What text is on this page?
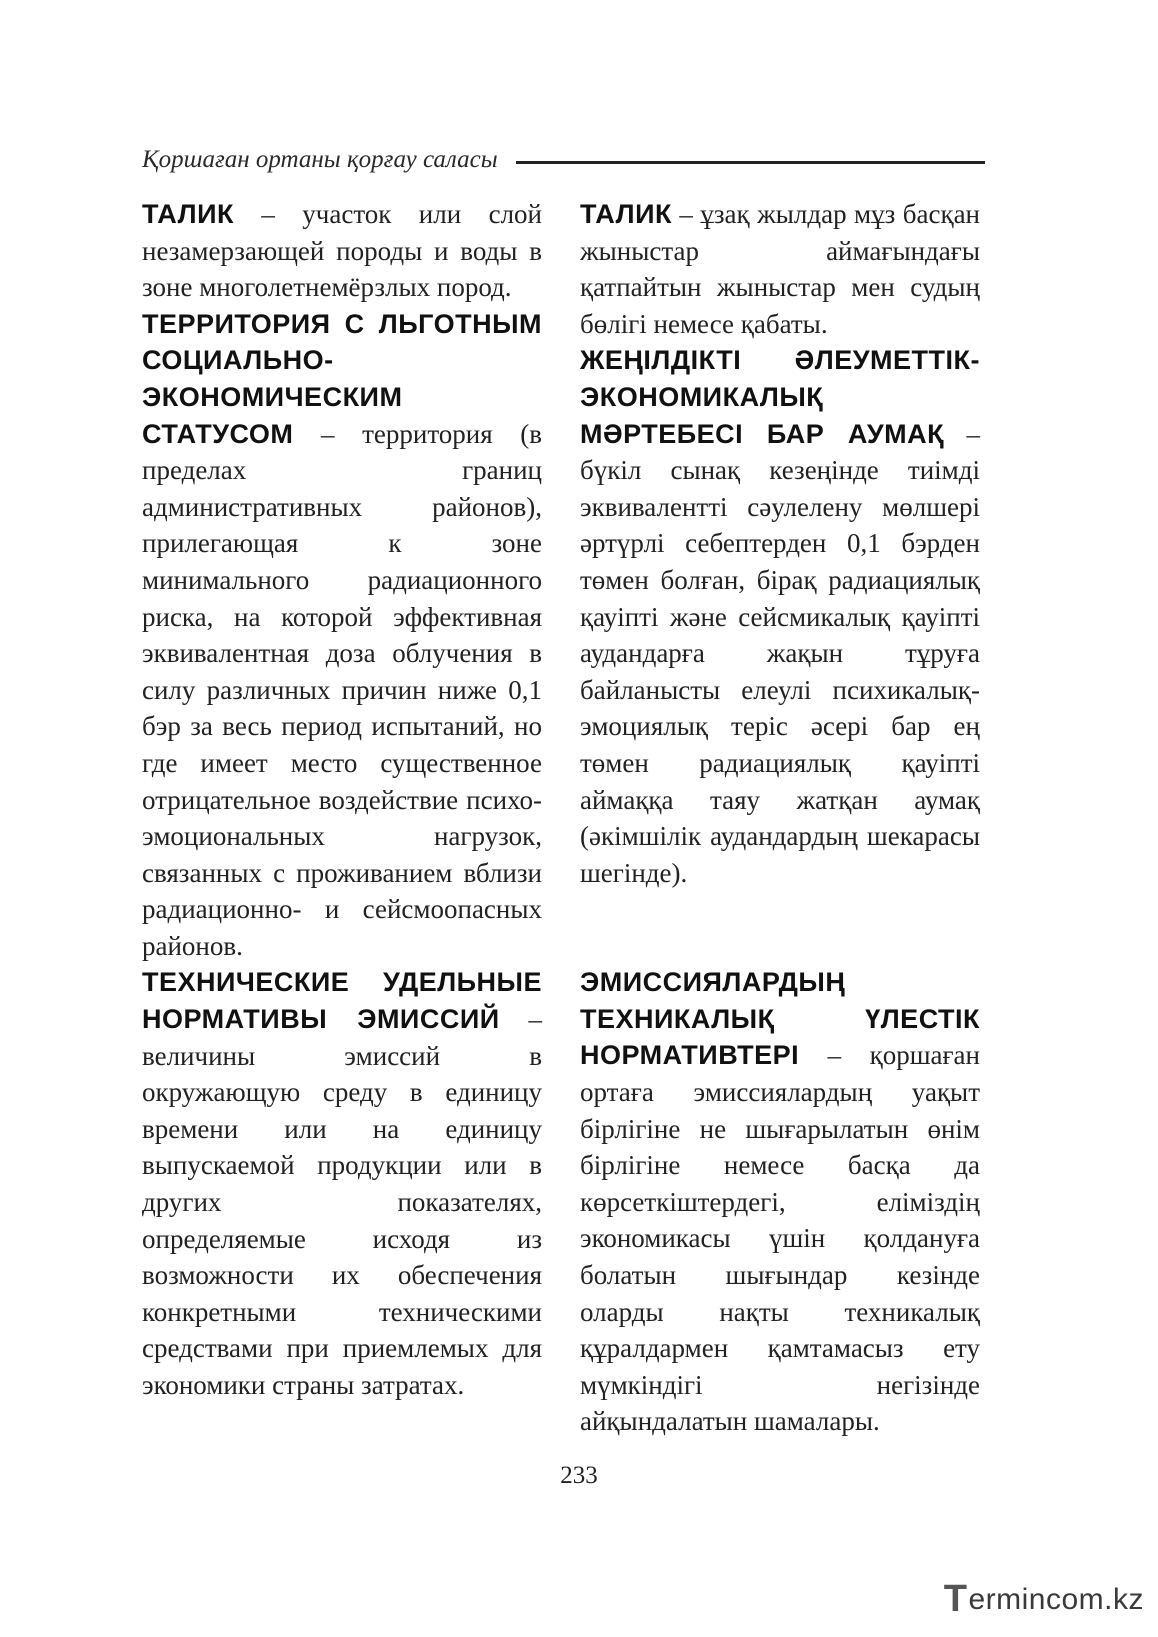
Қоршаған ортаны қорғау саласы

ТАЛИК – участок или слой незамерзающей породы и воды в зоне многолетнемёрзлых пород.

ТЕРРИТОРИЯ С ЛЬГОТНЫМ СОЦИАЛЬНО-ЭКОНОМИЧЕСКИМ СТАТУСОМ – территория (в пределах границ административных районов), прилегающая к зоне минимального радиационного риска, на которой эффективная эквивалентная доза облучения в силу различных причин ниже 0,1 бэр за весь период испытаний, но где имеет место существенное отрицательное воздействие психо-эмоциональных нагрузок, связанных с проживанием вблизи радиационно- и сейсмоопасных районов.

ТЕХНИЧЕСКИЕ УДЕЛЬНЫЕ НОРМАТИВЫ ЭМИССИЙ – величины эмиссий в окружающую среду в единицу времени или на единицу выпускаемой продукции или в других показателях, определяемые исходя из возможности их обеспечения конкретными техническими средствами при приемлемых для экономики страны затратах.

ТАЛИК – ұзақ жылдар мұз басқан жыныстар аймағындағы қатпайтын жыныстар мен судың бөлігі немесе қабаты.

ЖЕҢІЛДІКТІ ӘЛЕУМЕТТІК-ЭКОНОМИКАЛЫҚ МӘРТЕБЕСІ БАР АУМАҚ – бүкіл сынақ кезеңінде тиімді эквивалентті сәулелену мөлшері әртүрлі себептерден 0,1 бэрден төмен болған, бірақ радиациялық қауіпті және сейсмикалық қауіпті аудандарға жақын тұруға байланысты елеулі психикалық-эмоциялық теріс әсері бар ең төмен радиациялық қауіпті аймаққа таяу жатқан аумақ (әкімшілік аудандардың шекарасы шегінде).

ЭМИССИЯЛАРДЫҢ ТЕХНИКАЛЫҚ ҮЛЕСТІК НОРМАТИВТЕРІ – қоршаған ортаға эмиссиялардың уақыт бірлігіне не шығарылатын өнім бірлігіне немесе басқа да көрсеткіштердегі, еліміздің экономикасы үшін қолдануға болатын шығындар кезінде оларды нақты техникалық құралдармен қамтамасыз ету мүмкіндігі негізінде айқындалатын шамалары.

233
T ermincom.kz
